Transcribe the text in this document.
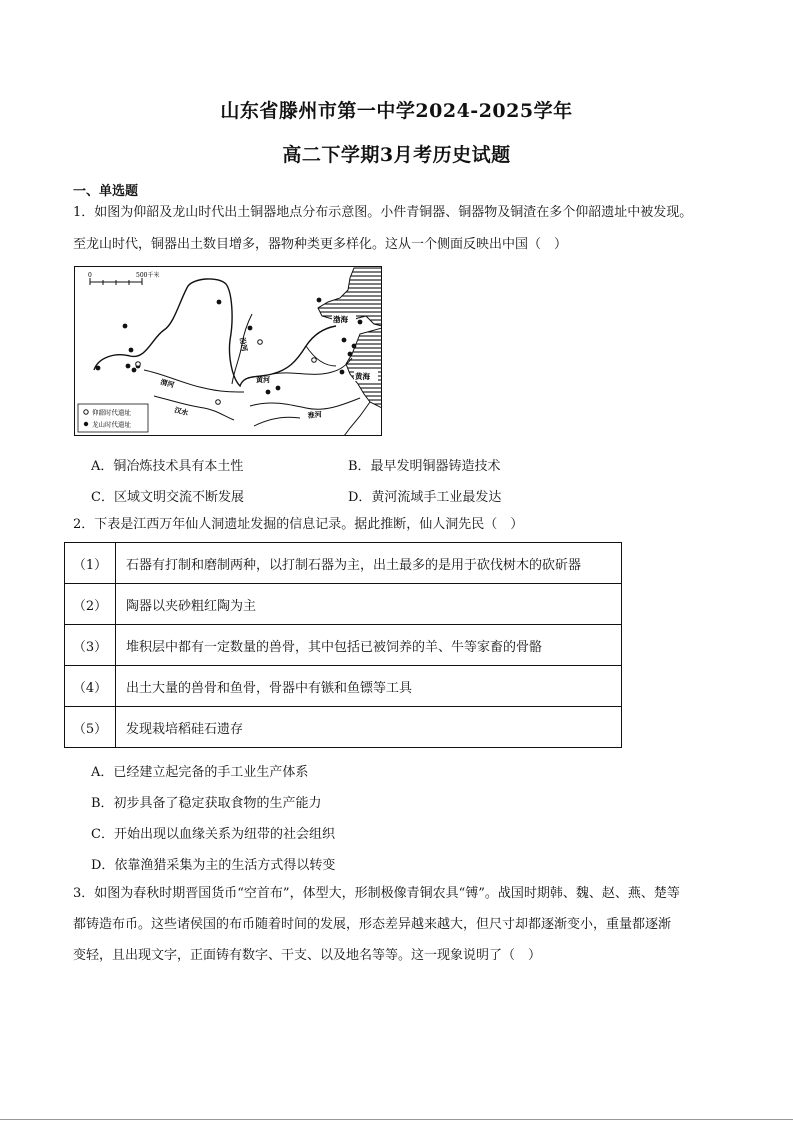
山东省滕州市第一中学2024-2025学年
高二下学期3月考历史试题
一、单选题
1．如图为仰韶及龙山时代出土铜器地点分布示意图。小件青铜器、铜器物及铜渣在多个仰韶遗址中被发现。
至龙山时代，铜器出土数目增多，器物种类更多样化。这从一个侧面反映出中国（　）
0	500千米
渤海
黄海
渭河
汾河
黄河
汉水	淮河
仰韶时代遗址
龙山时代遗址
A．铜冶炼技术具有本土性	B．最早发明铜器铸造技术
C．区域文明交流不断发展	D．黄河流域手工业最发达
2．下表是江西万年仙人洞遗址发掘的信息记录。据此推断，仙人洞先民（　）
（1）	石器有打制和磨制两种，以打制石器为主，出土最多的是用于砍伐树木的砍斫器
（2）	陶器以夹砂粗红陶为主
（3）	堆积层中都有一定数量的兽骨，其中包括已被饲养的羊、牛等家畜的骨骼
（4）	出土大量的兽骨和鱼骨，骨器中有镞和鱼镖等工具
（5）	发现栽培稻硅石遗存
A．已经建立起完备的手工业生产体系
B．初步具备了稳定获取食物的生产能力
C．开始出现以血缘关系为纽带的社会组织
D．依靠渔猎采集为主的生活方式得以转变
3．如图为春秋时期晋国货币“空首布”，体型大，形制极像青铜农具“镈”。战国时期韩、魏、赵、燕、楚等
都铸造布币。这些诸侯国的布币随着时间的发展，形态差异越来越大，但尺寸却都逐渐变小，重量都逐渐
变轻，且出现文字，正面铸有数字、干支、以及地名等等。这一现象说明了（　）
